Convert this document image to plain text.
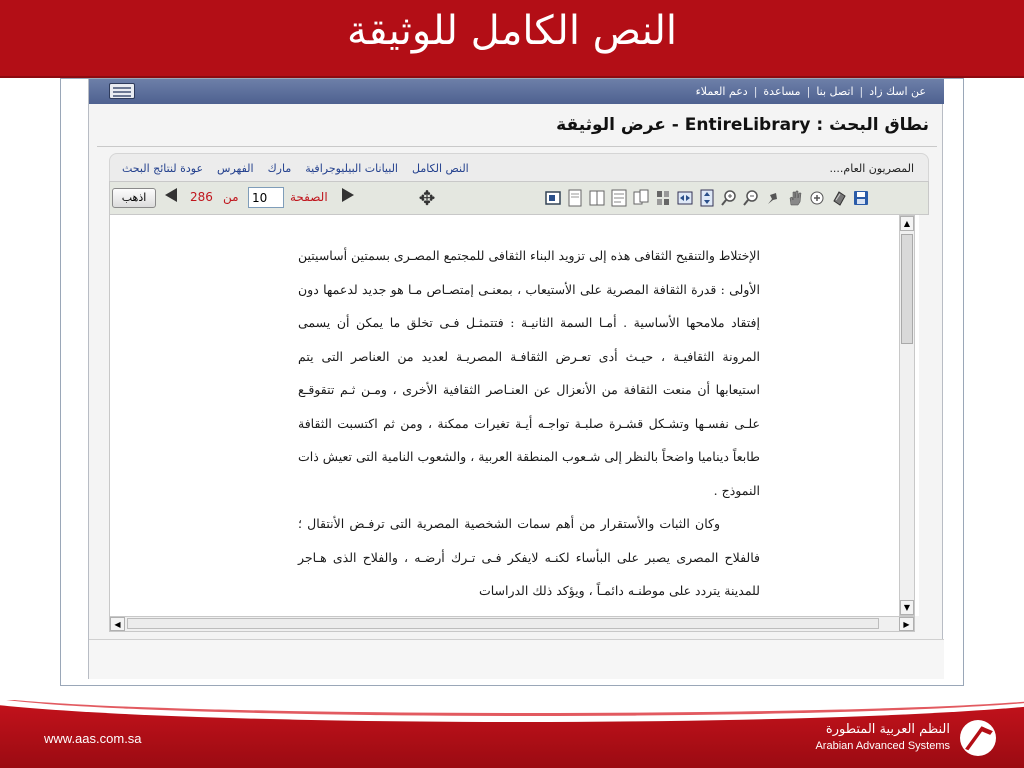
النص الكامل للوثيقة
عن اسك زاد
|
اتصل بنا
|
مساعدة
|
دعم العملاء
نطاق البحث : EntireLibrary - عرض الوثيقة
المصريون العام....
النص الكامل
البيانات البيليوجرافية
مارك
الفهرس
عودة لنتائج البحث
اذهب	286 من
10	الصفحة	✥

الإختلاط والتنقيح الثقافى هذه إلى تزويد البناء الثقافى للمجتمع المصـرى بسمتين أساسيتين الأولى : قدرة الثقافة المصرية على الأستيعاب ، بمعنـى إمتصـاص مـا هو جديد لدعمها دون إفتقاد ملامحها الأساسية . أمـا السمة الثانيـة : فتتمثـل فـى تخلق ما يمكن أن يسمى المرونة الثقافيـة ، حيـث أدى تعـرض الثقافـة المصريـة لعديد من العناصر التى يتم استيعابها أن منعت الثقافة من الأنعزال عن العنـاصر الثقافية الأخرى ، ومـن ثـم تتقوقـع علـى نفسـها وتشـكل قشـرة صلبـة تواجـه أيـة تغيرات ممكنة ، ومن ثم اكتسبت الثقافة طابعاً ديناميا واضحاً بالنظر إلى شـعوب المنطقة العربية ، والشعوب النامية التى تعيش ذات النموذج .

وكان الثبات والأستقرار من أهم سمات الشخصية المصرية التى ترفـض الأنتقال ؛ فالفلاح المصرى يصبر على البأساء لكنـه لايفكر فـى تـرك أرضـه ، والفلاح الذى هـاجر للمدينة يتردد على موطنـه دائمـاً ، ويؤكد ذلك الدراسات

▲
▼
◀	▶
www.aas.com.sa
النظم العربية المتطورة
Arabian Advanced Systems
